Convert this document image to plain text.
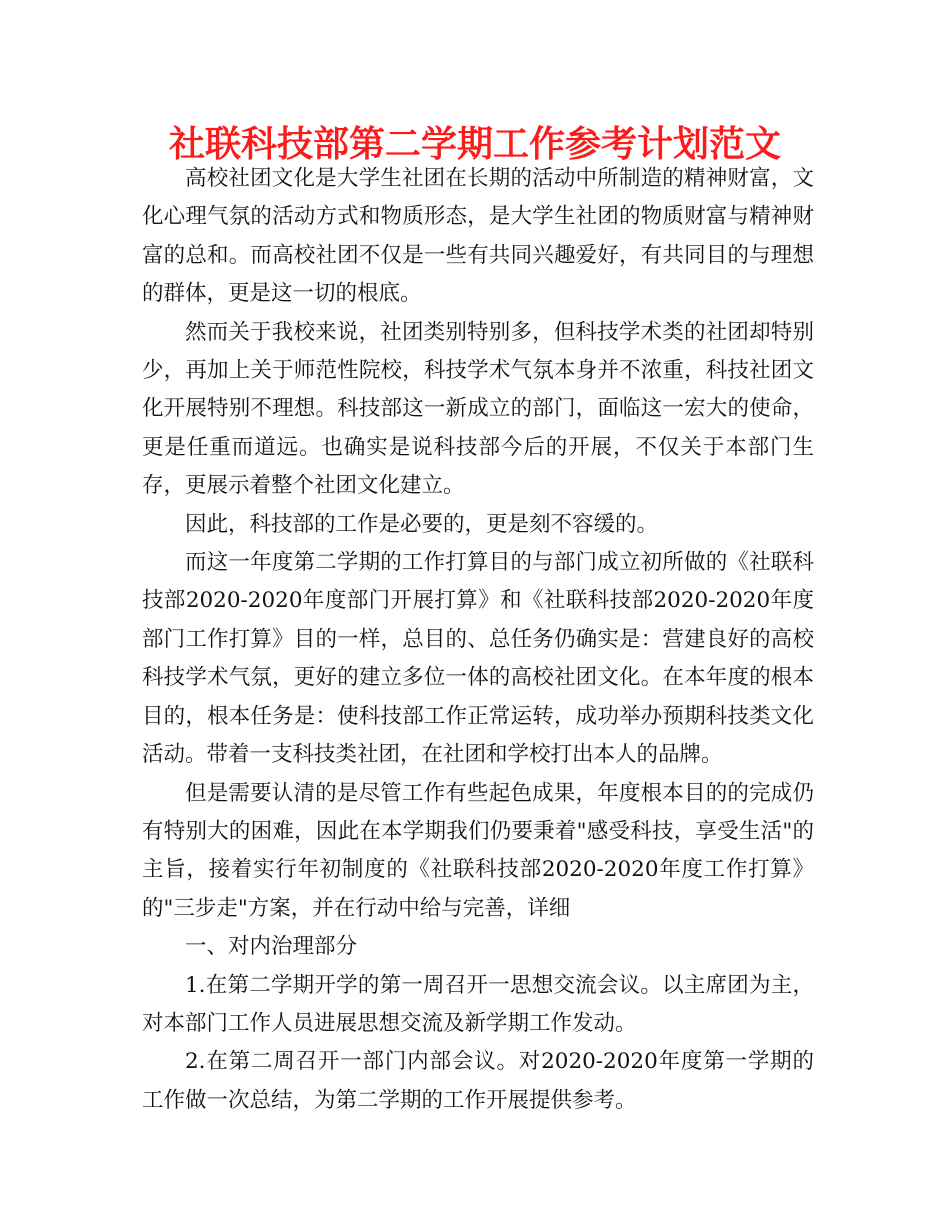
社联科技部第二学期工作参考计划范文

高校社团文化是大学生社团在长期的活动中所制造的精神财富，文化心理气氛的活动方式和物质形态，是大学生社团的物质财富与精神财富的总和。而高校社团不仅是一些有共同兴趣爱好，有共同目的与理想的群体，更是这一切的根底。

然而关于我校来说，社团类别特别多，但科技学术类的社团却特别少，再加上关于师范性院校，科技学术气氛本身并不浓重，科技社团文化开展特别不理想。科技部这一新成立的部门，面临这一宏大的使命，更是任重而道远。也确实是说科技部今后的开展，不仅关于本部门生存，更展示着整个社团文化建立。

因此，科技部的工作是必要的，更是刻不容缓的。

而这一年度第二学期的工作打算目的与部门成立初所做的《社联科技部2020-2020年度部门开展打算》和《社联科技部2020-2020年度部门工作打算》目的一样，总目的、总任务仍确实是：营建良好的高校科技学术气氛，更好的建立多位一体的高校社团文化。在本年度的根本目的，根本任务是：使科技部工作正常运转，成功举办预期科技类文化活动。带着一支科技类社团，在社团和学校打出本人的品牌。

但是需要认清的是尽管工作有些起色成果，年度根本目的的完成仍有特别大的困难，因此在本学期我们仍要秉着"感受科技，享受生活"的主旨，接着实行年初制度的《社联科技部2020-2020年度工作打算》的"三步走"方案，并在行动中给与完善，详细

一、对内治理部分

1.在第二学期开学的第一周召开一思想交流会议。以主席团为主，对本部门工作人员进展思想交流及新学期工作发动。

2.在第二周召开一部门内部会议。对2020-2020年度第一学期的工作做一次总结，为第二学期的工作开展提供参考。
